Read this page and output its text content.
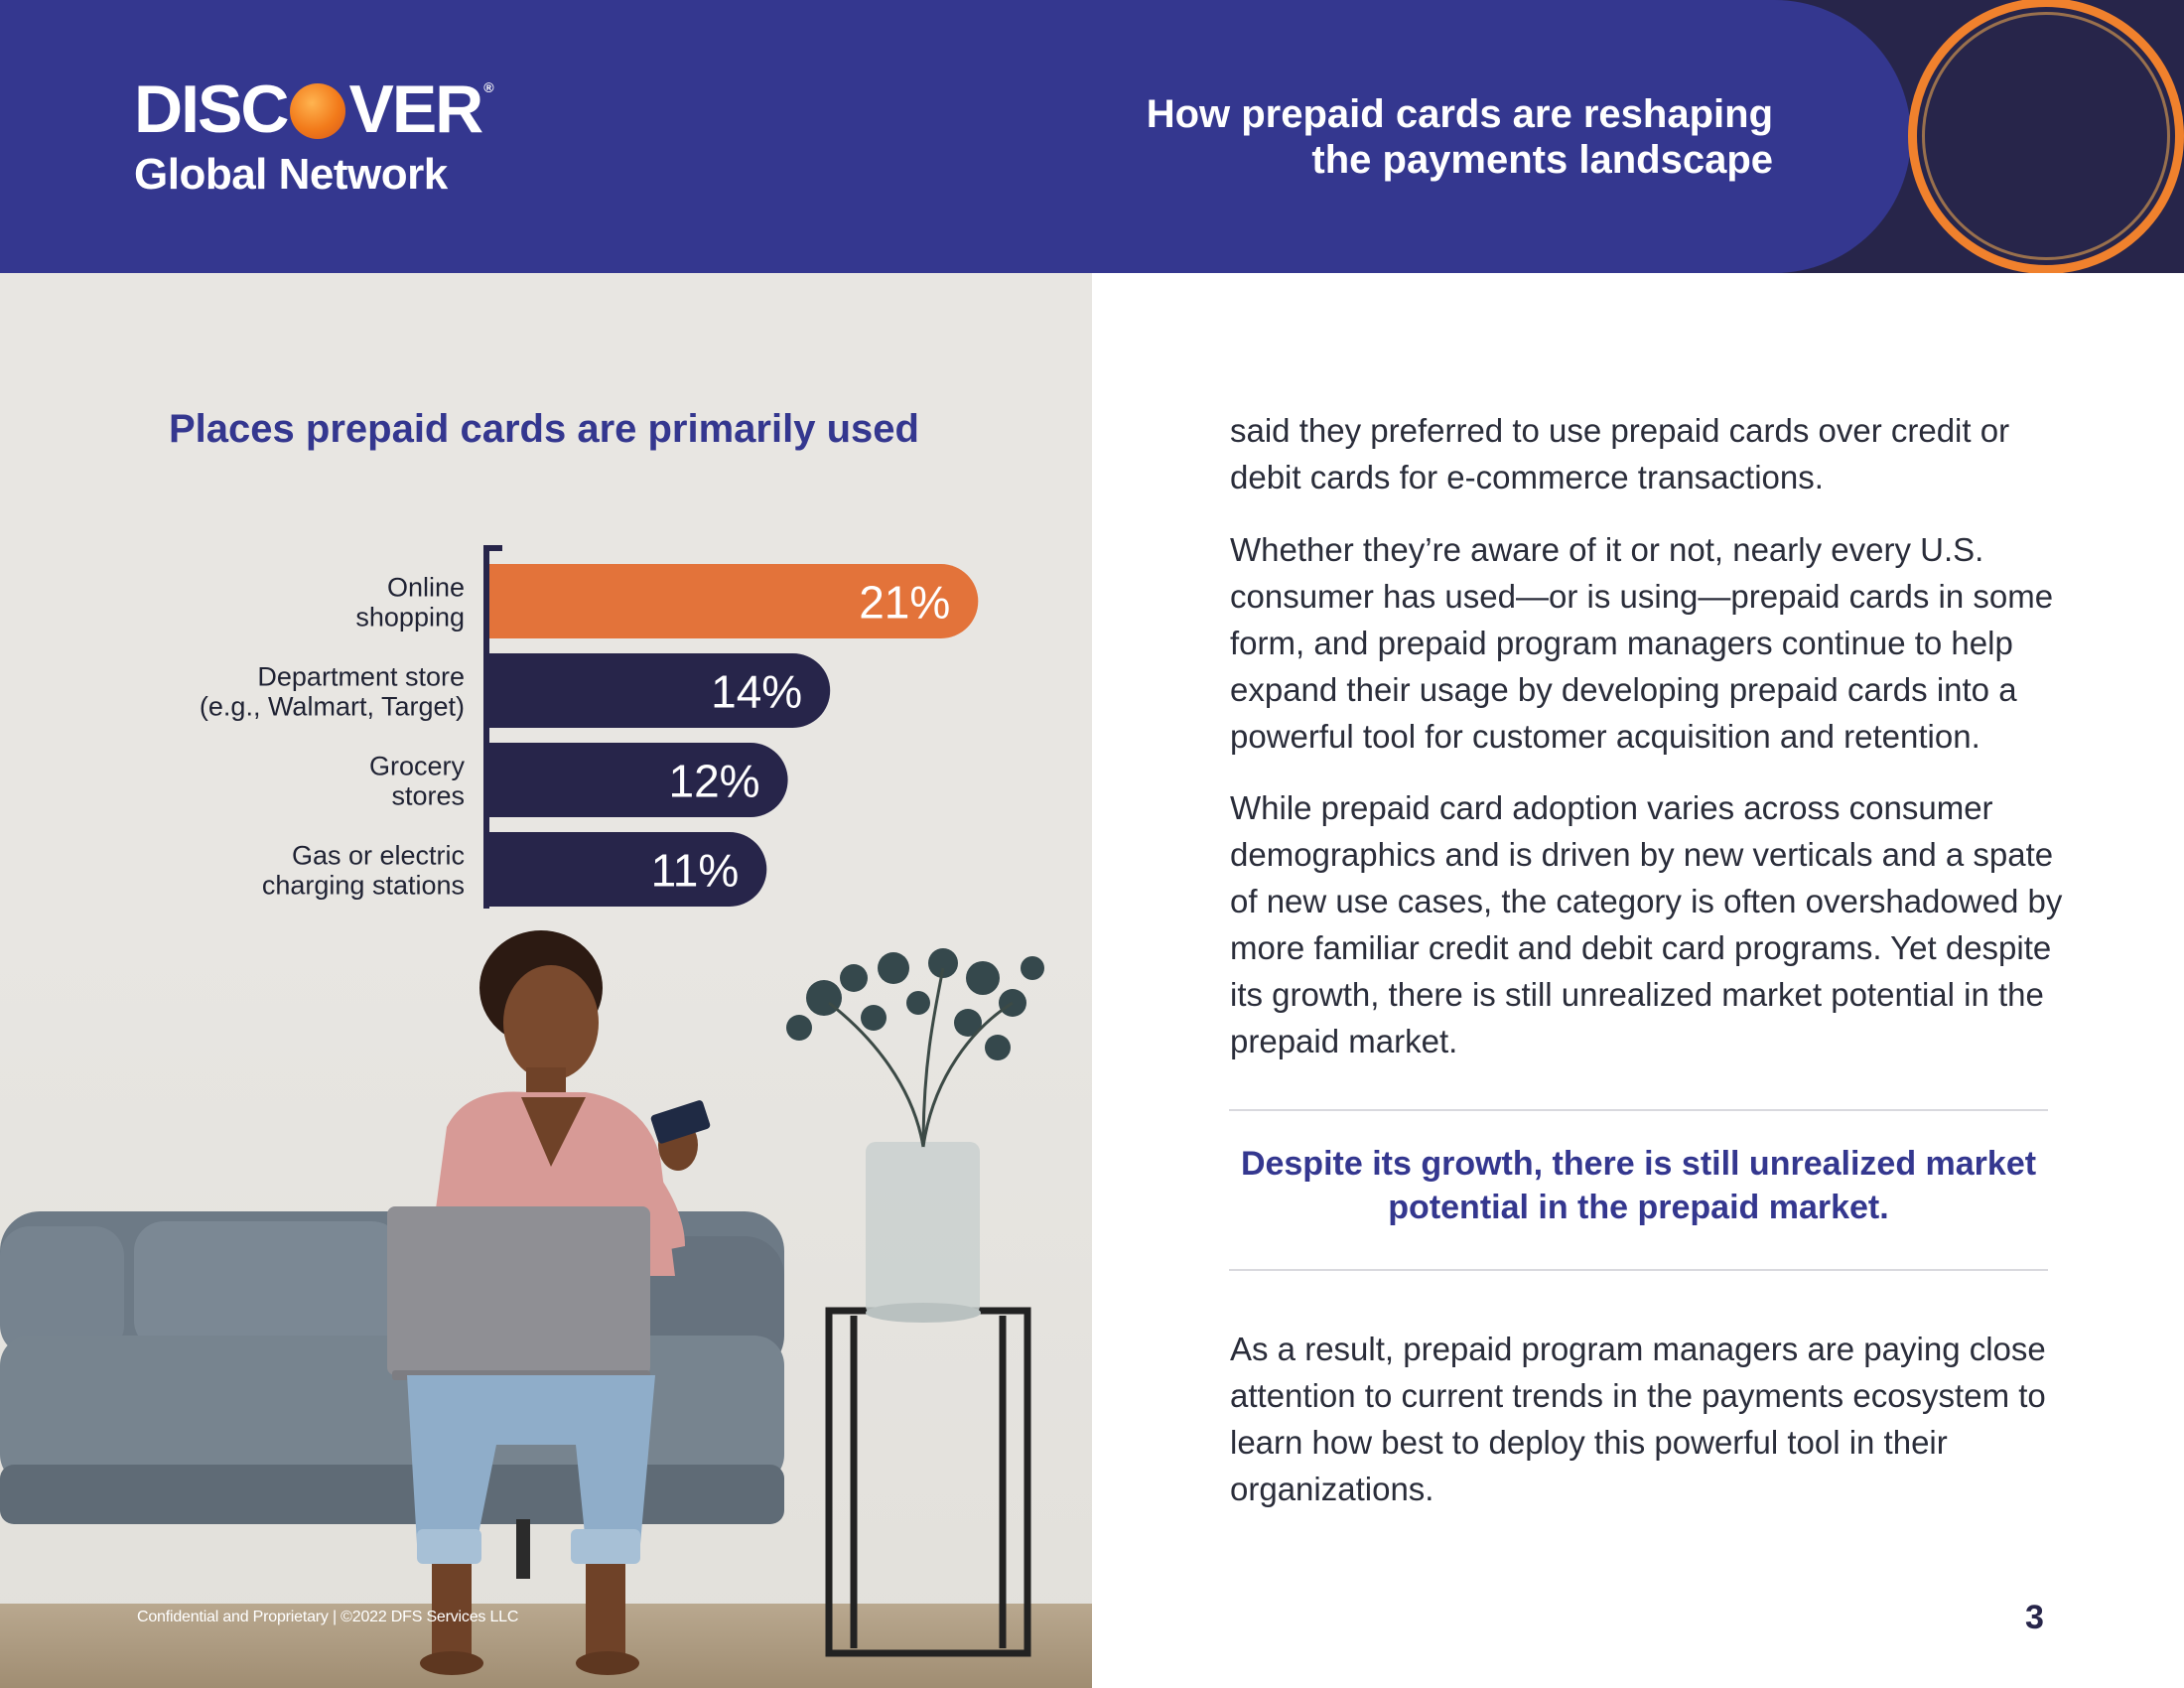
DISC VER ®
Global Network
How prepaid cards are reshaping
the payments landscape
Places prepaid cards are primarily used
21%
Online
shopping
14%
Department store
(e.g., Walmart, Target)
12%
Grocery
stores
11%
Gas or electric
charging stations
Confidential and Proprietary | ©2022 DFS Services LLC

said they preferred to use prepaid cards over credit or debit cards for e-commerce transactions.

Whether they’re aware of it or not, nearly every U.S. consumer has used—or is using—prepaid cards in some form, and prepaid program managers continue to help expand their usage by developing prepaid cards into a powerful tool for customer acquisition and retention.

While prepaid card adoption varies across consumer demographics and is driven by new verticals and a spate of new use cases, the category is often overshadowed by more familiar credit and debit card programs. Yet despite its growth, there is still unrealized market potential in the prepaid market.

Despite its growth, there is still unrealized market potential in the prepaid market.

As a result, prepaid program managers are paying close attention to current trends in the payments ecosystem to learn how best to deploy this powerful tool in their organizations.

3
